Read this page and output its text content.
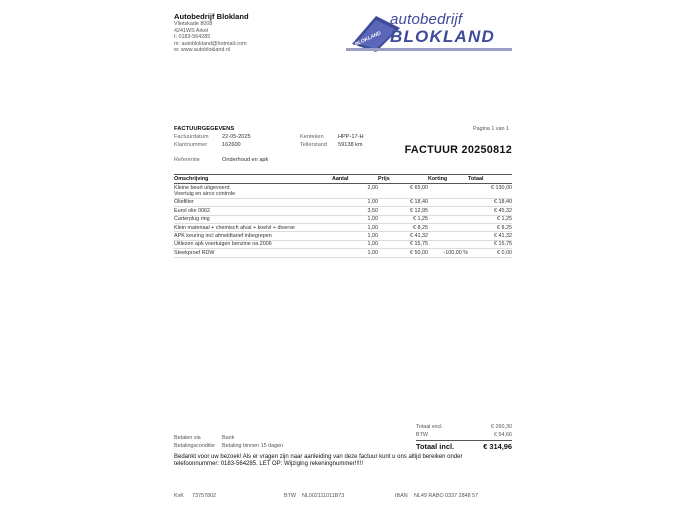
Autobedrijf Blokland
Vlietskade 8008
4241WS Arkel
t: 0183-564285
m: autoblokland@hotmail.com
w: www.autoblokland.nl
BLOKLAND
autobedrijf
BLOKLAND
Pagina 1 van 1
FACTUURGEGEVENS
Factuurdatum 22-05-2025
Klantnummer	162600
Kenteken	HPP-17-H
Tellerstand 59138 km
Referentie	Onderhoud en apk
FACTUUR 20250812
Omschrijving	Aantal	Prijs	Korting	Totaal

Kleine beurt uitgevoerd
Voertuig en airco controle	2,00	€ 65,00		€ 130,00
Oliefilter	1,00	€ 18,40		€ 18,40
Eurol olie 0062	3,50	€ 12,95		€ 45,32
Carterplug ring	1,00	€ 1,25		€ 1,25
Klein materiaal + chemisch afval + koelvl + diverse	1,00	€ 8,25		€ 8,25
APK keuring incl afmeldtarief inbegrepen	1,00	€ 41,32		€ 41,32
Uitlezen apk voertuigen benzine na 2006	1,00	€ 15,75		€ 15,75
Steekproef RDW	1,00	€ 50,00	-100,00 %	€ 0,00
Totaal excl.	€ 260,30
BTW	€ 54,66
Totaal incl.	€ 314,96
Betalen via	Bank
Betalingsconditie Betaling binnen 15 dagen
Bedankt voor uw bezoek! Als er vragen zijn naar aanleiding van deze factuur kunt u ons altijd bereiken onder
telefoonnummer: 0183-564285. LET OP: Wijziging rekeningnummer!!!!!
KvK 73757802	BTW NL002111011B73	IBAN NL49 RABO 0337 2848 57
